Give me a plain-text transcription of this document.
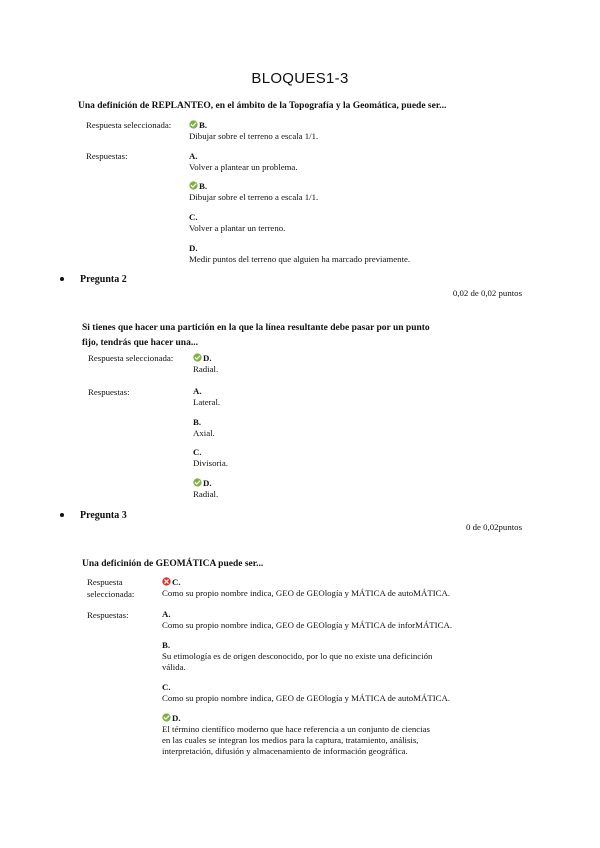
BLOQUES1-3
Una definición de REPLANTEO, en el ámbito de la Topografía y la Geomática, puede ser...
Respuesta seleccionada:	B.
Dibujar sobre el terreno a escala 1/1.
Respuestas:	A.
Volver a plantear un problema.
B.
Dibujar sobre el terreno a escala 1/1.
C.
Volver a plantar un terreno.
D.
Medir puntos del terreno que alguien ha marcado previamente.
Pregunta 2
0,02 de 0,02 puntos
Si tienes que hacer una partición en la que la línea resultante debe pasar por un punto
fijo, tendrás que hacer una...
Respuesta seleccionada:	D.
Radial.
Respuestas:	A.
Lateral.
B.
Axial.
C.
Divisoria.
D.
Radial.
Pregunta 3
0 de 0,02puntos
Una deficinión de GEOMÁTICA puede ser...
Respuesta
seleccionada:
C.
Como su propio nombre indica, GEO de GEOlogía y MÁTICA de autoMÁTICA.
Respuestas:	A.
Como su propio nombre indica, GEO de GEOlogía y MÁTICA de inforMÁTICA.
B.
Su etimología es de origen desconocido, por lo que no existe una deficinción
válida.
C.
Como su propio nombre indica, GEO de GEOlogía y MÁTICA de autoMÁTICA.
D.
El término científico moderno que hace referencia a un conjunto de ciencias
en las cuales se integran los medios para la captura, tratamiento, análisis,
interpretación, difusión y almacenamiento de información geográfica.
